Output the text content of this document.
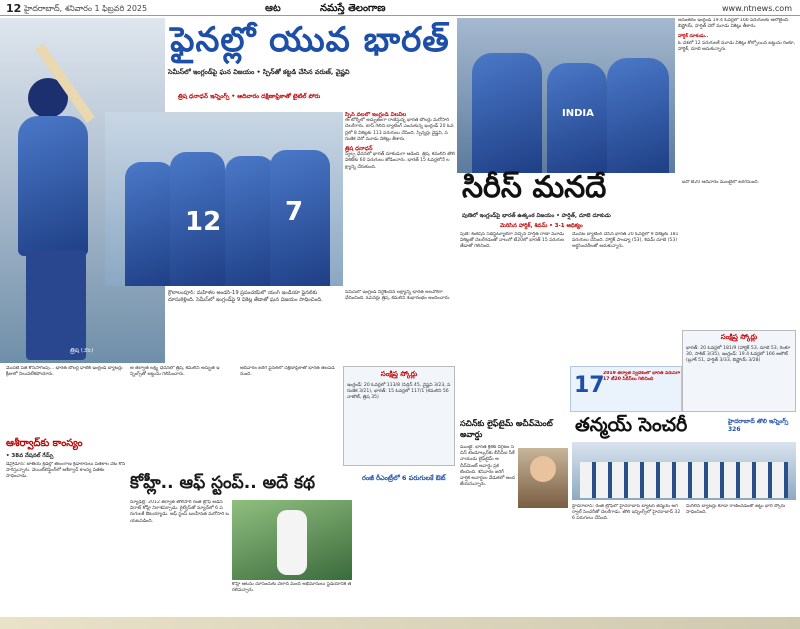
12 హైదరాబాద్, శనివారం 1 ఫిబ్రవరి 2025	ఆట	నమస్తే తెలంగాణ	www.ntnews.com
త్రిష (35)
ఫైనల్లో యువ భారత్
సెమీస్‌లో ఇంగ్లండ్‌పై ఘన విజయం • స్పిన్‌తో కట్టడి చేసిన వరుణ్, వైష్ణవి
త్రిష ధనాధన్ ఇన్నింగ్స్ • ఆదివారం దక్షిణాఫ్రికాతో టైటిల్ పోరు
12 7
స్పిన్ వలలో ఇంగ్లండ్ విలవిల
ఈ టోర్నీలో అద్భుతంగా రాణిస్తున్న భారత బౌలర్లు మరోసారి చెలరేగారు. టాస్ గెలిచి బ్యాటింగ్ ఎంచుకున్న ఇంగ్లండ్ 20 ఓవర్లలో 8 వికెట్లకు 113 పరుగులు చేసింది. స్పిన్నర్లు వైష్ణవి, పరుణిక చెరో మూడు వికెట్లు తీశారు.
త్రిష ధనాధన్
స్వల్ప ఛేదనలో భారత్ దూకుడుగా ఆడింది. త్రిష, కమలిని తొలి వికెట్‌కు 60 పరుగులు జోడించారు. భారత్ 15 ఓవర్లలోనే లక్ష్యాన్ని చేరుకుంది.
క్రౌలాలంపూర్: మహిళల అండర్-19 ప్రపంచకప్‌లో యంగ్ ఇండియా ఫైనల్‌కు దూసుకెళ్లింది. సెమీస్‌లో ఇంగ్లండ్‌పై 9 వికెట్ల తేడాతో ఘన విజయం సాధించింది.
సెమీస్‌లో ఇంగ్లండ్ నిర్దేశించిన లక్ష్యాన్ని భారత్ అలవోకగా ఛేదించింది. ఓపెనర్లు త్రిష, కమలిని శుభారంభం అందించారు.
మొదటి పేజీ కొనసాగింపు... భారత్ బౌలర్ల ధాటికి ఇంగ్లండ్ బ్యాటర్లు క్రీజులో నిలువలేకపోయారు.
ఆ తర్వాత లక్ష్య ఛేదనలో త్రిష, కమలిని అద్భుత ఇన్నింగ్స్‌తో జట్టును గెలిపించారు.
ఆదివారం జరిగే ఫైనల్‌లో దక్షిణాఫ్రికాతో భారత్ తలపడనుంది.	సంక్షిప్త స్కోర్లు
ఇంగ్లండ్: 20 ఓవర్లలో 113/8 (పెర్రిన్ 45, వైష్ణవి 3/23, పరుణిక 3/21), భారత్: 15 ఓవర్లలో 117/1 (కమలిని 56 నాటౌట్, త్రిష 35)
ఆశీర్వాద్‌కు కాంస్యం
• 38వ నేషనల్ గేమ్స్
డెహ్రాడూన్: జాతీయ క్రీడల్లో తెలంగాణ క్రీడాకారులు పతకాల వేట కొనసాగిస్తున్నారు. వెయిట్‌లిఫ్టింగ్‌లో ఆశీర్వాద్ కాంస్య పతకం సాధించాడు.	కోహ్లీ.. ఆఫ్ స్టంప్.. అదే కథ	రంజీ రీఎంట్రీలో 6 పరుగులకే ఔట్
న్యూఢిల్లీ: 2012 తర్వాత తొలిసారి రంజీ ట్రోఫీ ఆడిన విరాట్ కోహ్లీ నిరాశపర్చాడు. రైల్వేస్‌తో మ్యాచ్‌లో 6 పరుగులకే ఔటయ్యాడు. ఆఫ్ స్టంప్ బలహీనత మరోసారి బయటపడింది.
కోహ్లీ ఆటను చూసేందుకు వేలాది మంది అభిమానులు స్టేడియానికి తరలివచ్చారు.
INDIA
అనంతరం ఇంగ్లండ్ 19.4 ఓవర్లలో 166 పరుగులకు ఆలౌటైంది. బిష్ణోయ్, హర్షిత్ చెరో మూడు వికెట్లు తీశారు.
హార్దిక్ దూకుడు..
ఓ దశలో 12 పరుగులకే మూడు వికెట్లు కోల్పోయిన జట్టును రింకూ, హార్దిక్, దూబె ఆదుకున్నారు.
సిరీస్ మనదే
పుణెలో ఇంగ్లండ్‌పై భారత్ ఉత్కంఠ విజయం • హర్షిత్, దూబె దూకుడు
మెరిసిన హార్దిక్, శివమ్ • 3-1 ఆధిక్యం
పుణె: కంకషన్ సబ్‌స్టిట్యూట్‌గా వచ్చిన హర్షిత్ రాణా మూడు వికెట్లతో చెలరేగడంతో నాలుగో టీ20లో భారత్ 15 పరుగుల తేడాతో గెలిచింది.
మొదట బ్యాటింగ్ చేసిన భారత్ 20 ఓవర్లలో 9 వికెట్లకు 181 పరుగులు చేసింది. హార్దిక్ పాండ్యా (53), శివమ్ దూబె (53) అర్ధసెంచరీలతో ఆదుకున్నారు.
ఐదో టీ20 ఆదివారం ముంబైలో జరగనుంది.
17
2019 తర్వాత స్వదేశంలో భారత్ వరుసగా 17 టీ20 సిరీస్‌లు గెలిచింది
సంక్షిప్త స్కోర్లు
భారత్: 20 ఓవర్లలో 181/9 (హార్దిక్ 53, దూబె 53, రింకూ 30, సాకిబ్ 3/35), ఇంగ్లండ్: 19.4 ఓవర్లలో 166 ఆలౌట్ (బ్రూక్ 51, హర్షిత్ 3/33, బిష్ణోయ్ 3/28)
సచిన్‌కు లైఫ్‌టైమ్ అచీవ్‌మెంట్ అవార్డు
ముంబై: భారత క్రికెట్ దిగ్గజం సచిన్ టెండూల్కర్‌కు బీసీసీఐ సీకే నాయుడు లైఫ్‌టైమ్ అచీవ్‌మెంట్ అవార్డు ప్రకటించింది. శనివారం జరిగే వార్షిక అవార్డుల వేడుకలో అందజేయనున్నారు.
తన్మయ్ సెంచరీ	హైదరాబాద్ తొలి ఇన్నింగ్స్ 326
హైదరాబాద్: రంజీ ట్రోఫీలో హైదరాబాద్ బ్యాటర్ తన్మయ్ అగర్వాల్ సెంచరీతో చెలరేగాడు. తొలి ఇన్నింగ్స్‌లో హైదరాబాద్ 326 పరుగులు చేసింది.
మిగిలిన బ్యాటర్లు కూడా రాణించడంతో జట్టు భారీ స్కోరు సాధించింది.
